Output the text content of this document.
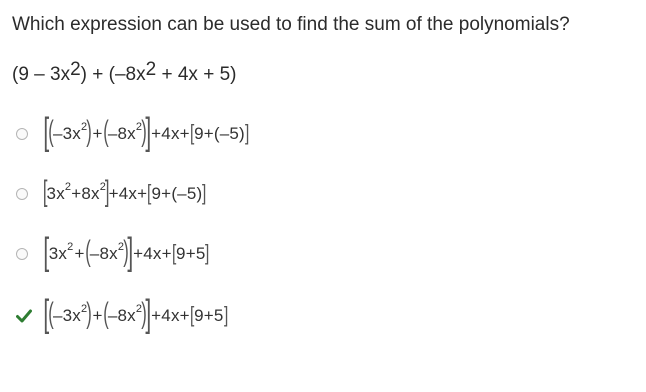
Which expression can be used to find the sum of the polynomials?
$(9 - 3x^2) + (-8x^2 + 4x + 5)$
[
( $-3x^2$ ) + ( $-8x^2$ )
] +4x+ [ 9+(–5) ]
[
$3x^2 +8x^2$
]
+4x+ [ 9+(–5) ]
[ $3x^2$ + ( $-8x^2$ )
] +4x+ [ 9+5 ]
[
( $-3x^2$ ) + ( $-8x^2$ )
] +4x+ [ 9+5 ]
